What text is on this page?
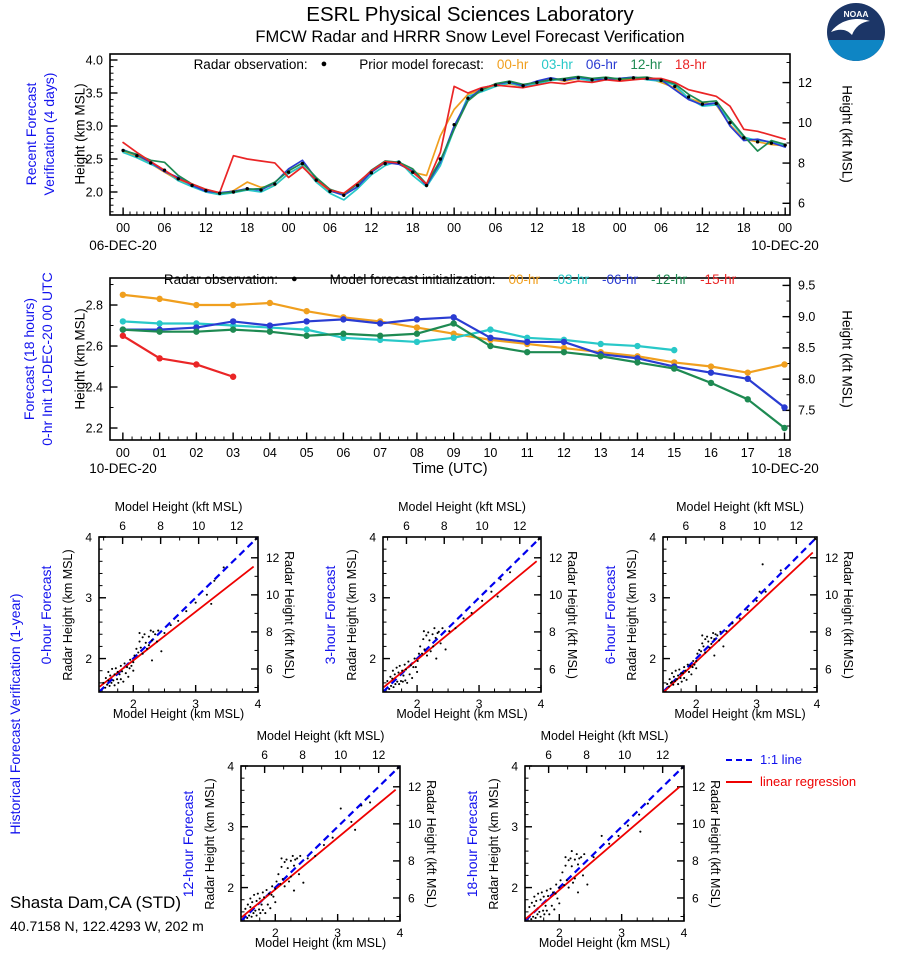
00 06 12 18 00 06 12 18 00 06 12 18 00 06 12 18 00
2.0
2.5
3.0
3.5
4.0
6
8
10
12
00 01 02 03 04 05 06 07 08 09 10 11 12 13 14 15 16 17 18
2.2
2.4
2.6
2.8
7.5
8.0
8.5
9.0
9.5
2	3	4
6	8 10 12
2
3
4
6
8
10
12
2	3	4
6	8 10 12
2
3
4
6
8
10
12
2	3	4
6	8 10 12
2
3
4
6
8
10
12
2	3	4
6	8 10 12
2
3
4
6
8
10
12
2	3	4
6	8 10 12
2
3
4
6
8
10
12
ESRL Physical Sciences Laboratory
FMCW Radar and HRRR Snow Level Forecast Verification
NOAA
Radar observation: ● Prior model forecast: 00-hr 03-hr 06-hr 12-hr 18-hr
Recent Forecast Verification (4 days) Height (km MSL)	Height (kft MSL)
06-DEC-20	10-DEC-20
Radar observation: ● Model forecast initialization: 00-hr -03-hr -06-hr -12-hr -15-hr
Forecast (18 hours) 0-hr Init 10-DEC-20 00 UTC Height (km MSL)	Height (kft MSL)
10-DEC-20	Time (UTC)	10-DEC-20
Historical Forecast Verification (1-year)
Model Height (kft MSL)
Model Height (km MSL)
Radar Height (km MSL)	Radar Height (kft MSL)
0-hour Forecast
Model Height (kft MSL)
Model Height (km MSL)
Radar Height (km MSL)	Radar Height (kft MSL)
3-hour Forecast
Model Height (kft MSL)
Model Height (km MSL)
Radar Height (km MSL)	Radar Height (kft MSL)
6-hour Forecast
Model Height (kft MSL)
Model Height (km MSL)
Radar Height (km MSL)	Radar Height (kft MSL)
12-hour Forecast
Model Height (kft MSL)
Model Height (km MSL)
Radar Height (km MSL)	Radar Height (kft MSL)
18-hour Forecast
1:1 line
linear regression
Shasta Dam,CA (STD)
40.7158 N, 122.4293 W, 202 m
